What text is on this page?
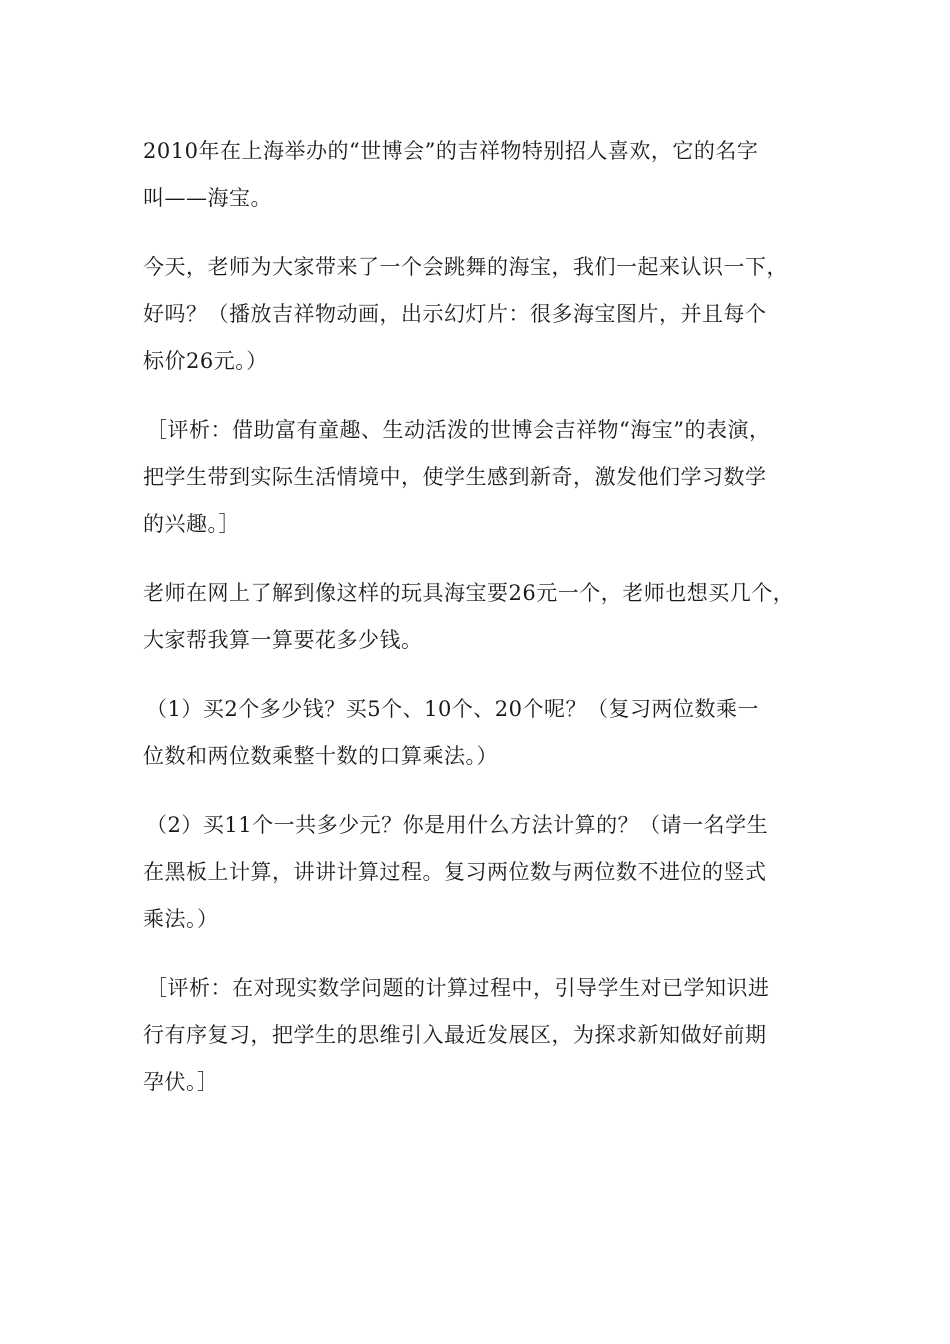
2010年在上海举办的“世博会”的吉祥物特别招人喜欢，它的名字
叫——海宝。

今天，老师为大家带来了一个会跳舞的海宝，我们一起来认识一下，
好吗？（播放吉祥物动画，出示幻灯片：很多海宝图片，并且每个
标价26元。）

［评析：借助富有童趣、生动活泼的世博会吉祥物“海宝”的表演，
把学生带到实际生活情境中，使学生感到新奇，激发他们学习数学
的兴趣。］

老师在网上了解到像这样的玩具海宝要26元一个，老师也想买几个，
大家帮我算一算要花多少钱。

（1）买2个多少钱？买5个、10个、20个呢？（复习两位数乘一
位数和两位数乘整十数的口算乘法。）

（2）买11个一共多少元？你是用什么方法计算的？（请一名学生
在黑板上计算，讲讲计算过程。复习两位数与两位数不进位的竖式
乘法。）

［评析：在对现实数学问题的计算过程中，引导学生对已学知识进
行有序复习，把学生的思维引入最近发展区，为探求新知做好前期
孕伏。］
